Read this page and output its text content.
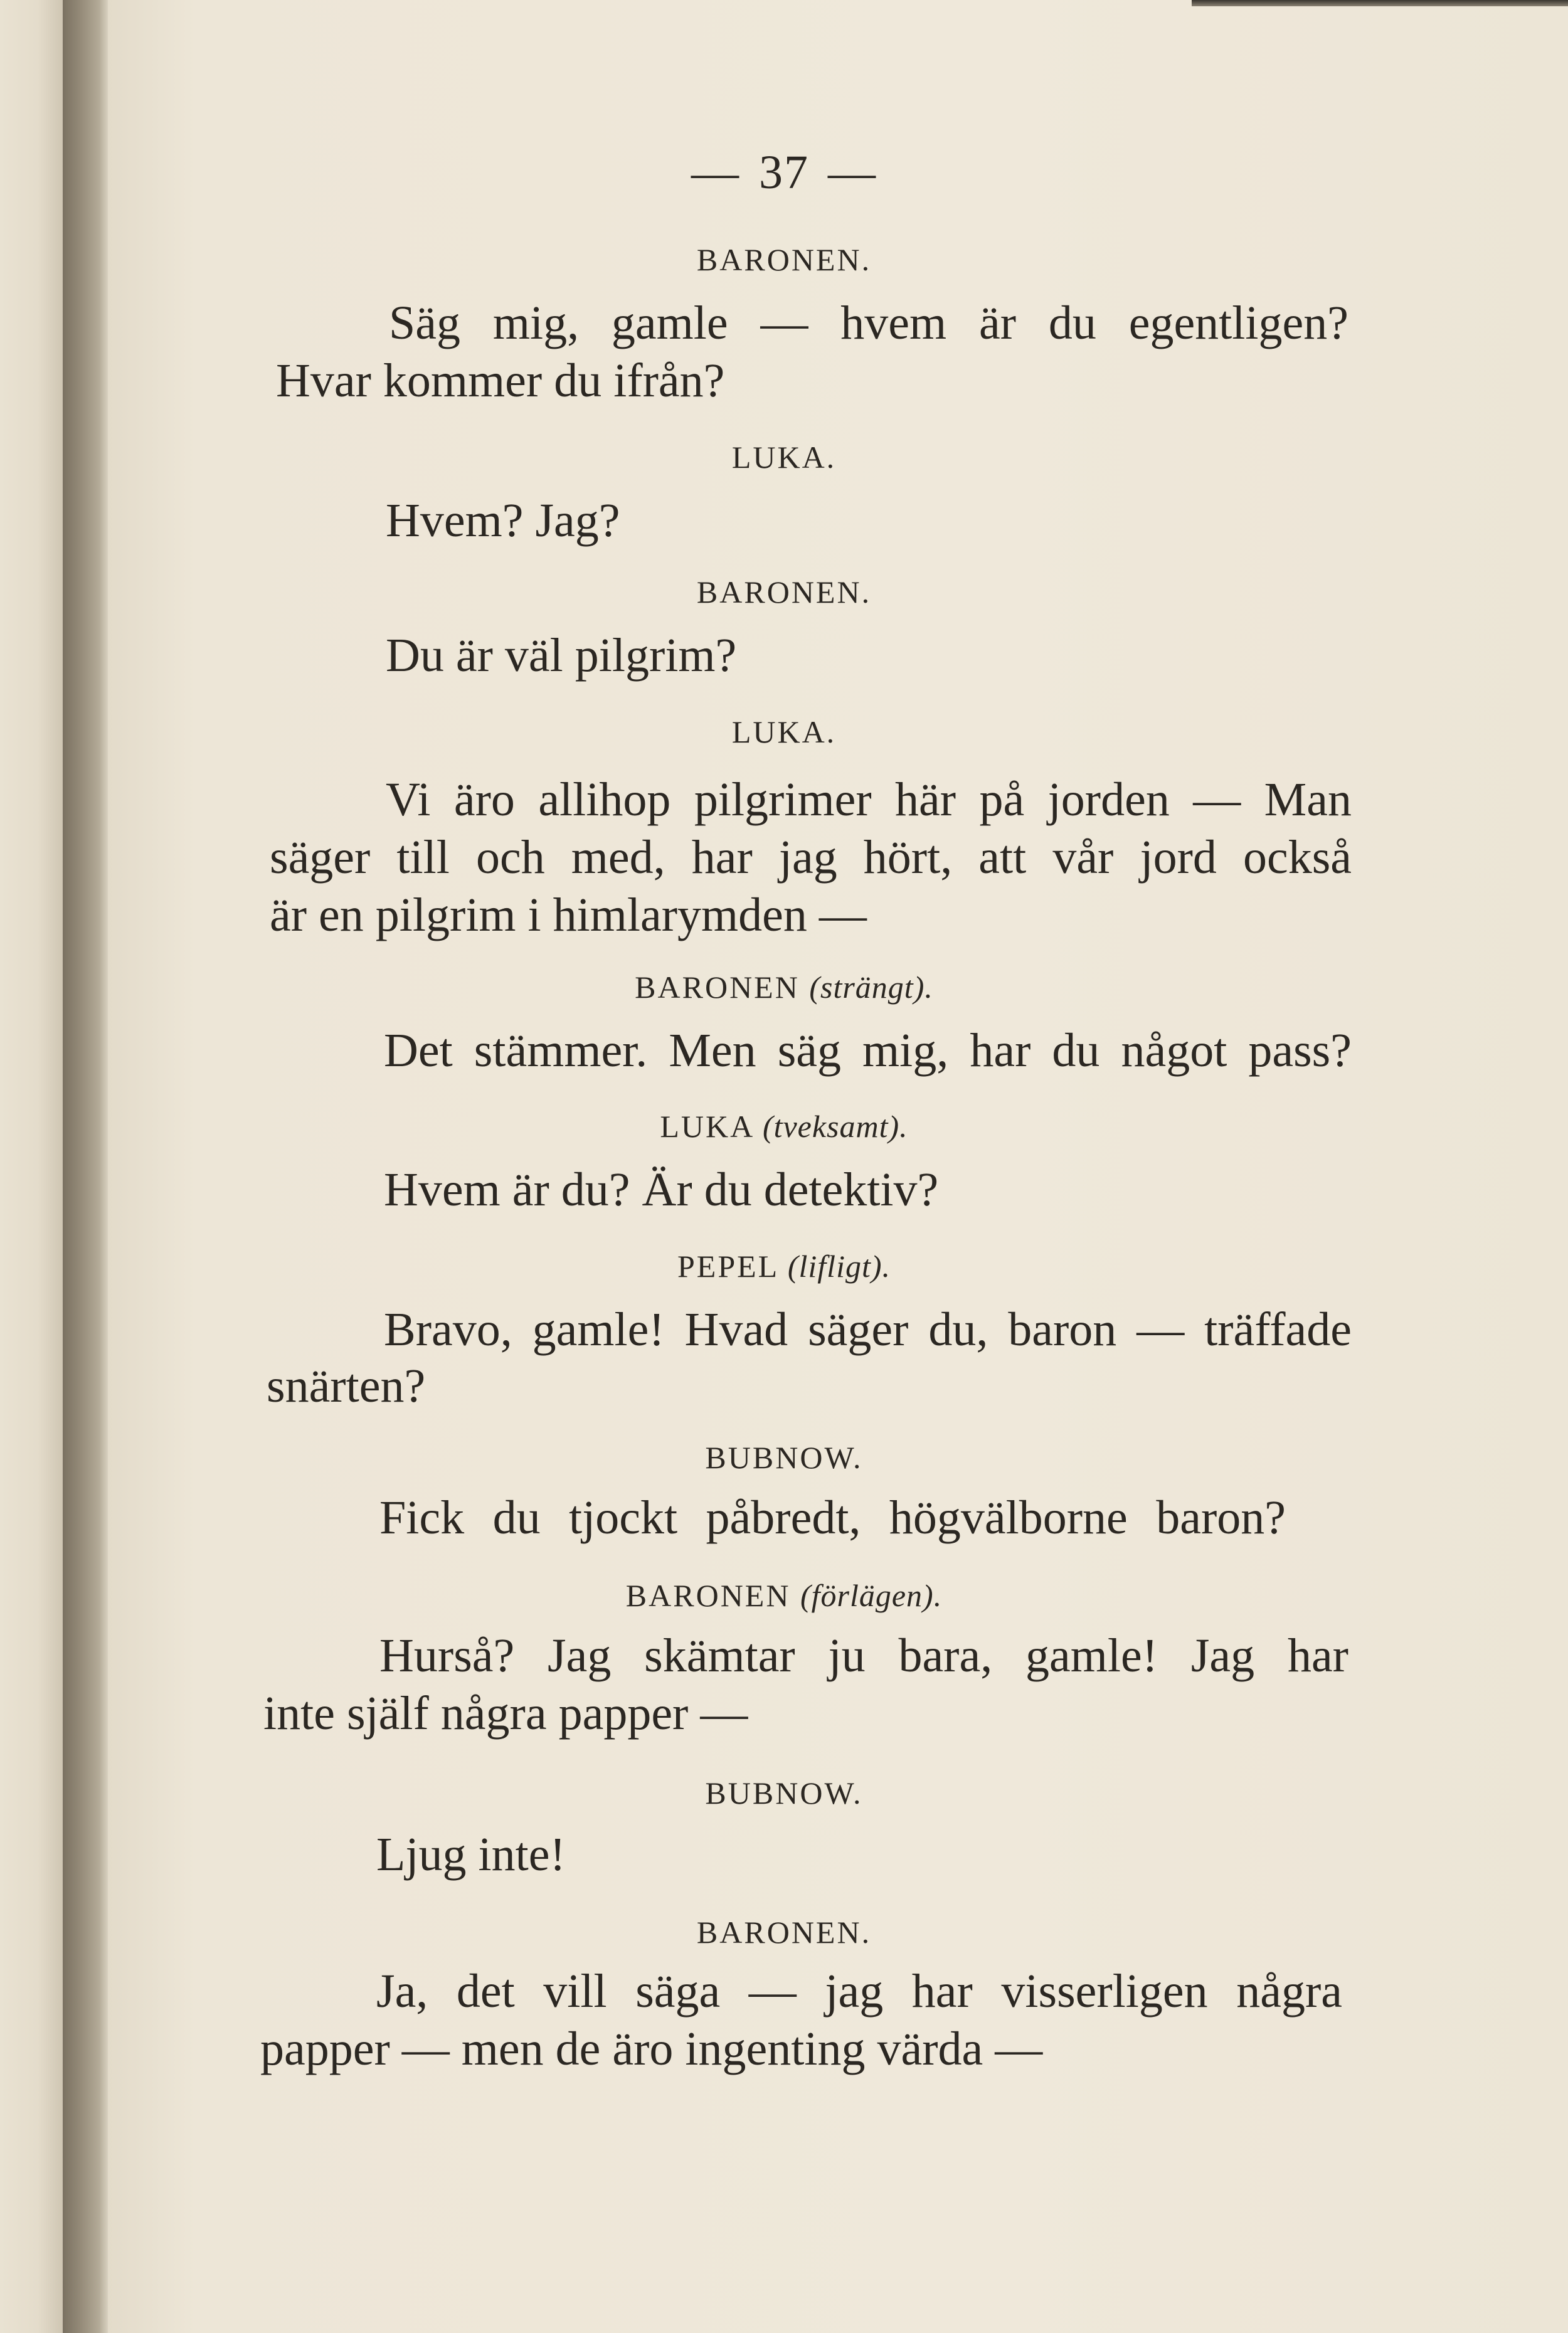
— 37 —
BARONEN.
Säg mig, gamle — hvem är du egentligen?
Hvar kommer du ifrån?
LUKA.
Hvem? Jag?
BARONEN.
Du är väl pilgrim?
LUKA.
Vi äro allihop pilgrimer här på jorden — Man
säger till och med, har jag hört, att vår jord också
är en pilgrim i himlarymden —
BARONEN (strängt).
Det stämmer. Men säg mig, har du något pass?
LUKA (tveksamt).
Hvem är du? Är du detektiv?
PEPEL (lifligt).
Bravo, gamle! Hvad säger du, baron — träffade
snärten?
BUBNOW.
Fick du tjockt påbredt, högvälborne baron?
BARONEN (förlägen).
Hurså? Jag skämtar ju bara, gamle! Jag har
inte själf några papper —
BUBNOW.
Ljug inte!
BARONEN.
Ja, det vill säga — jag har visserligen några
papper — men de äro ingenting värda —
